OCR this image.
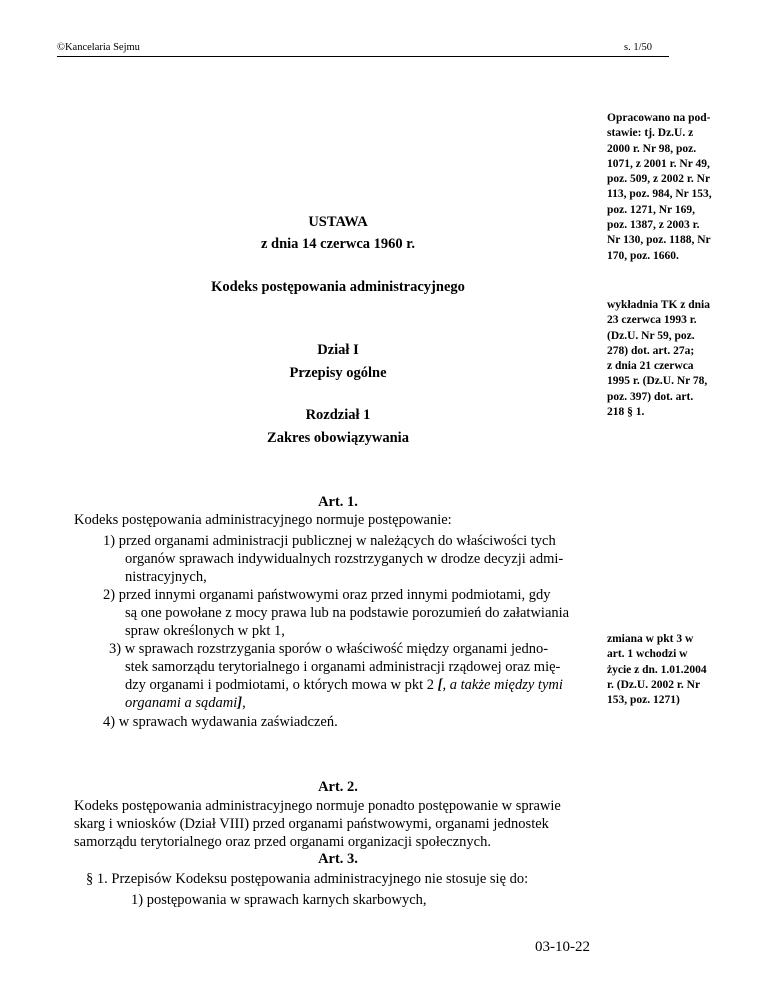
©Kancelaria Sejmu	s. 1/50
Opracowano na pod-
stawie: tj. Dz.U. z
2000 r. Nr 98, poz.
1071, z 2001 r. Nr 49,
poz. 509, z 2002 r. Nr
113, poz. 984, Nr 153,
poz. 1271, Nr 169,
poz. 1387, z 2003 r.
Nr 130, poz. 1188, Nr
170, poz. 1660.
wykładnia TK z dnia
23 czerwca 1993 r.
(Dz.U. Nr 59, poz.
278) dot. art. 27a;
z dnia 21 czerwca
1995 r. (Dz.U. Nr 78,
poz. 397) dot. art.
218 § 1.
zmiana w pkt 3 w
art. 1 wchodzi w
życie z dn. 1.01.2004
r. (Dz.U. 2002 r. Nr
153, poz. 1271)
USTAWA
z dnia 14 czerwca 1960 r.
Kodeks postępowania administracyjnego
Dział I
Przepisy ogólne
Rozdział 1
Zakres obowiązywania
Art. 1.
Kodeks postępowania administracyjnego normuje postępowanie:
1) przed organami administracji publicznej w należących do właściwości tych
organów sprawach indywidualnych rozstrzyganych w drodze decyzji admi-
nistracyjnych,
2) przed innymi organami państwowymi oraz przed innymi podmiotami, gdy
są one powołane z mocy prawa lub na podstawie porozumień do załatwiania
spraw określonych w pkt 1,
3) w sprawach rozstrzygania sporów o właściwość między organami jedno-
stek samorządu terytorialnego i organami administracji rządowej oraz mię-
dzy organami i podmiotami, o których mowa w pkt 2 [, a także między tymi
organami a sądami],
4) w sprawach wydawania zaświadczeń.
Art. 2.
Kodeks postępowania administracyjnego normuje ponadto postępowanie w sprawie
skarg i wniosków (Dział VIII) przed organami państwowymi, organami jednostek
samorządu terytorialnego oraz przed organami organizacji społecznych.
Art. 3.
§ 1. Przepisów Kodeksu postępowania administracyjnego nie stosuje się do:
1) postępowania w sprawach karnych skarbowych,
03-10-22
